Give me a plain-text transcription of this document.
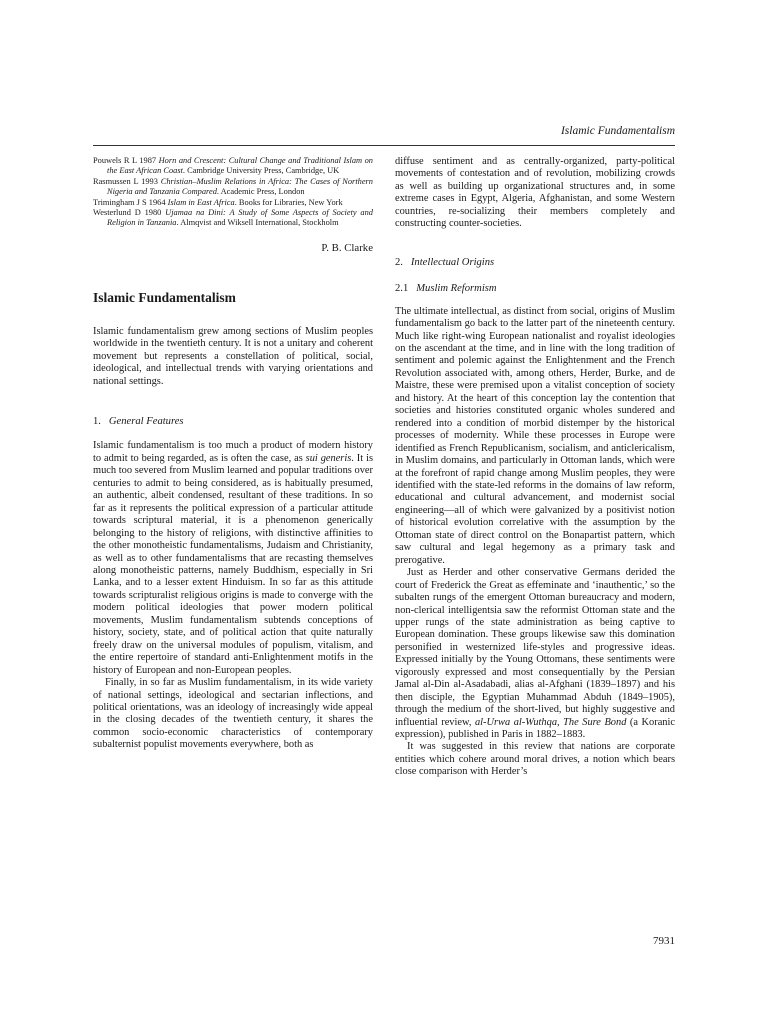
Islamic Fundamentalism
Pouwels R L 1987 Horn and Crescent: Cultural Change and Traditional Islam on the East African Coast. Cambridge University Press, Cambridge, UK
Rasmussen L 1993 Christian–Muslim Relations in Africa: The Cases of Northern Nigeria and Tanzania Compared. Academic Press, London
Trimingham J S 1964 Islam in East Africa. Books for Libraries, New York
Westerlund D 1980 Ujamaa na Dini: A Study of Some Aspects of Society and Religion in Tanzania. Almqvist and Wiksell International, Stockholm
P. B. Clarke
Islamic Fundamentalism

Islamic fundamentalism grew among sections of Muslim peoples worldwide in the twentieth century. It is not a unitary and coherent movement but represents a constellation of political, social, ideological, and intellectual trends with varying orientations and national settings.

1. General Features

Islamic fundamentalism is too much a product of modern history to admit to being regarded, as is often the case, as sui generis. It is much too severed from Muslim learned and popular traditions over centuries to admit to being considered, as is habitually presumed, an authentic, albeit condensed, resultant of these traditions. In so far as it represents the political expression of a particular attitude towards scriptural material, it is a phenomenon generically belonging to the history of religions, with distinctive affinities to the other monotheistic fundamentalisms, Judaism and Christianity, as well as to other fundamentalisms that are recasting themselves along monotheistic patterns, namely Buddhism, especially in Sri Lanka, and to a lesser extent Hinduism. In so far as this attitude towards scripturalist religious origins is made to converge with the modern political ideologies that power modern political movements, Muslim fundamentalism subtends conceptions of history, society, state, and of political action that quite naturally freely draw on the universal modules of populism, vitalism, and the entire repertoire of standard anti-Enlightenment motifs in the history of European and non-European peoples.

Finally, in so far as Muslim fundamentalism, in its wide variety of national settings, ideological and sectarian inflections, and political orientations, was an ideology of increasingly wide appeal in the closing decades of the twentieth century, it shares the common socio-economic characteristics of contemporary subalternist populist movements everywhere, both as

diffuse sentiment and as centrally-organized, party-political movements of contestation and of revolution, mobilizing crowds as well as building up organizational structures and, in some extreme cases in Egypt, Algeria, Afghanistan, and some Western countries, re-socializing their members completely and constructing counter-societies.

2. Intellectual Origins
2.1 Muslim Reformism

The ultimate intellectual, as distinct from social, origins of Muslim fundamentalism go back to the latter part of the nineteenth century. Much like right-wing European nationalist and royalist ideologies on the ascendant at the time, and in line with the long tradition of sentiment and polemic against the Enlightenment and the French Revolution associated with, among others, Herder, Burke, and de Maistre, these were premised upon a vitalist conception of society and history. At the heart of this conception lay the contention that societies and histories constituted organic wholes sundered and rendered into a condition of morbid distemper by the historical processes of modernity. While these processes in Europe were identified as French Republicanism, socialism, and anticlericalism, in Muslim domains, and particularly in Ottoman lands, which were at the forefront of rapid change among Muslim peoples, they were identified with the state-led reforms in the domains of law reform, educational and cultural advancement, and modernist social engineering—all of which were galvanized by a positivist notion of historical evolution correlative with the assumption by the Ottoman state of direct control on the Bonapartist pattern, which saw cultural and legal hegemony as a primary task and prerogative.

Just as Herder and other conservative Germans derided the court of Frederick the Great as effeminate and ‘inauthentic,’ so the subalten rungs of the emergent Ottoman bureaucracy and modern, non-clerical intelligentsia saw the reformist Ottoman state and the upper rungs of the state administration as being captive to European domination. These groups likewise saw this domination personified in westernized life-styles and progressive ideas. Expressed initially by the Young Ottomans, these sentiments were vigorously expressed and most consequentially by the Persian Jamal al-Din al-Asadabadi, alias al-Afghani (1839–1897) and his then disciple, the Egyptian Muhammad Abduh (1849–1905), through the medium of the short-lived, but highly suggestive and influential review, al-Urwa al-Wuthqa, The Sure Bond (a Koranic expression), published in Paris in 1882–1883.

It was suggested in this review that nations are corporate entities which cohere around moral drives, a notion which bears close comparison with Herder’s

7931
